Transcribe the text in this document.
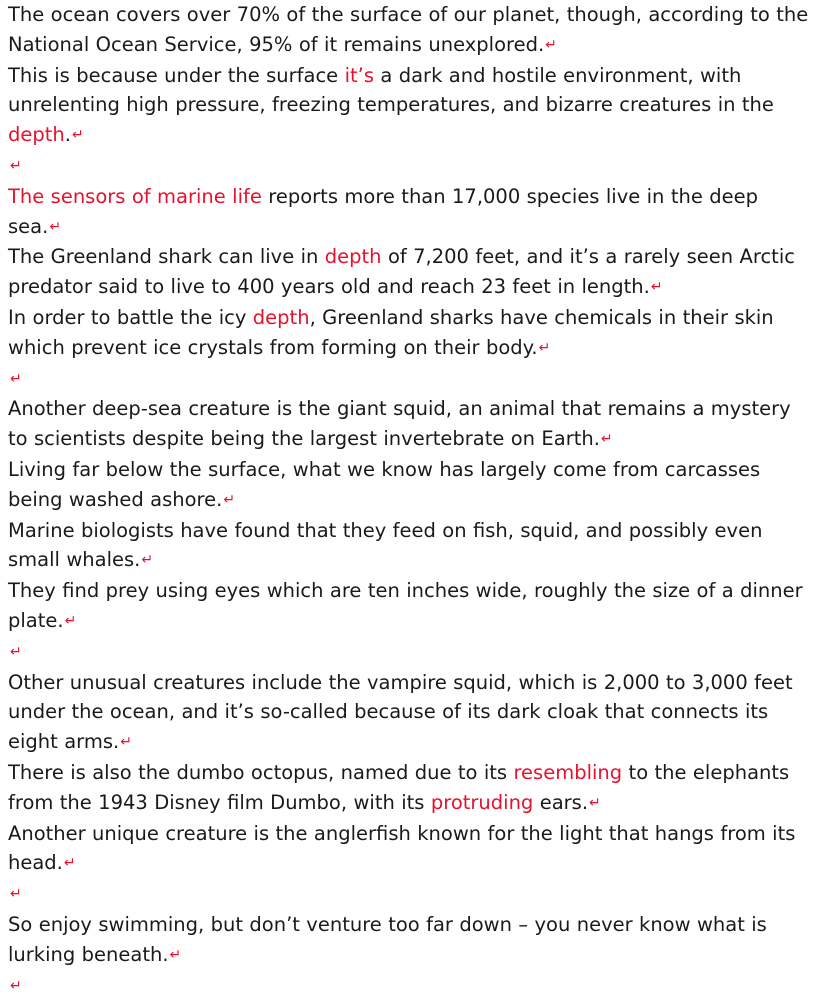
The ocean covers over 70% of the surface of our planet, though, according to the National Ocean Service, 95% of it remains unexplored.↵
This is because under the surface it’s a dark and hostile environment, with unrelenting high pressure, freezing temperatures, and bizarre creatures in the depth.↵
↵
The sensors of marine life reports more than 17,000 species live in the deep sea.↵
The Greenland shark can live in depth of 7,200 feet, and it’s a rarely seen Arctic predator said to live to 400 years old and reach 23 feet in length.↵
In order to battle the icy depth, Greenland sharks have chemicals in their skin which prevent ice crystals from forming on their body.↵
↵
Another deep-sea creature is the giant squid, an animal that remains a mystery to scientists despite being the largest invertebrate on Earth.↵
Living far below the surface, what we know has largely come from carcasses being washed ashore.↵
Marine biologists have found that they feed on fish, squid, and possibly even small whales.↵
They find prey using eyes which are ten inches wide, roughly the size of a dinner plate.↵
↵
Other unusual creatures include the vampire squid, which is 2,000 to 3,000 feet under the ocean, and it’s so-called because of its dark cloak that connects its eight arms.↵
There is also the dumbo octopus, named due to its resembling to the elephants from the 1943 Disney film Dumbo, with its protruding ears.↵
Another unique creature is the anglerfish known for the light that hangs from its head.↵
↵
So enjoy swimming, but don’t venture too far down – you never know what is lurking beneath.↵
↵
